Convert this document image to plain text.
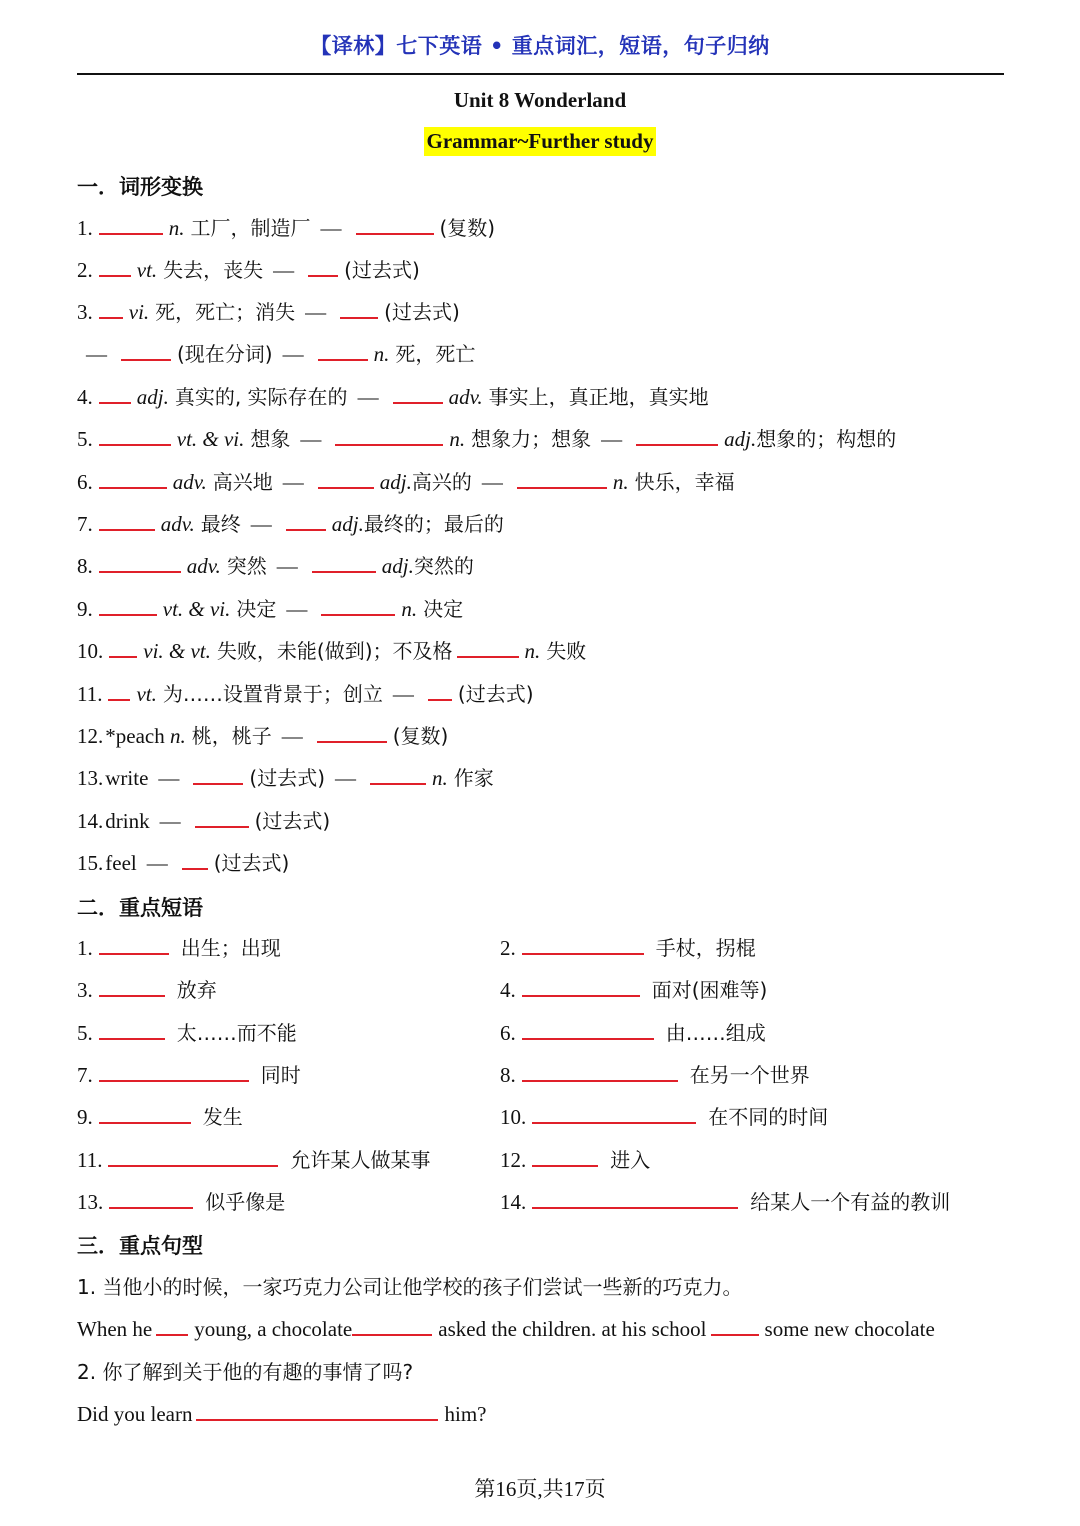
【译林】七下英语 • 重点词汇，短语，句子归纳
Unit 8 Wonderland
Grammar~Further study
一．词形变换
1.	n. 工厂，制造厂 —	(复数)
2. vt. 失去，丧失 —	(过去式)
3. vi. 死，死亡；消失 —	(过去式)
—	(现在分词) —	n. 死，死亡
4. adj. 真实的, 实际存在的 —	adv. 事实上，真正地，真实地
5.	vt. & vi. 想象 —	n. 想象力；想象 —	adj.想象的；构想的
6.	adv. 高兴地 —	adj.高兴的 —	n. 快乐，幸福
7.	adv. 最终 —	adj.最终的；最后的
8.	adv. 突然 —	adj.突然的
9.	vt. & vi. 决定 —	n. 决定
10. vi. & vt. 失败，未能(做到)；不及格	n. 失败
11. vt. 为……设置背景于；创立 — (过去式)
12.*peach n. 桃，桃子 —	(复数)
13.write —	(过去式) —	n. 作家
14.drink —	(过去式)
15.feel — (过去式)
二．重点短语
1.	出生；出现	2.	手杖，拐棍
3.	放弃	4.	面对(困难等)
5.	太……而不能	6.	由……组成
7.	同时	8.	在另一个世界
9.	发生	10.	在不同的时间
11.	允许某人做某事	12.	进入
13.	似乎像是	14.	给某人一个有益的教训
三．重点句型
1. 当他小的时候，一家巧克力公司让他学校的孩子们尝试一些新的巧克力。
When he young, a chocolate	asked the children. at his school	some new chocolate
2. 你了解到关于他的有趣的事情了吗?
Did you learn	him?
第16页,共17页
